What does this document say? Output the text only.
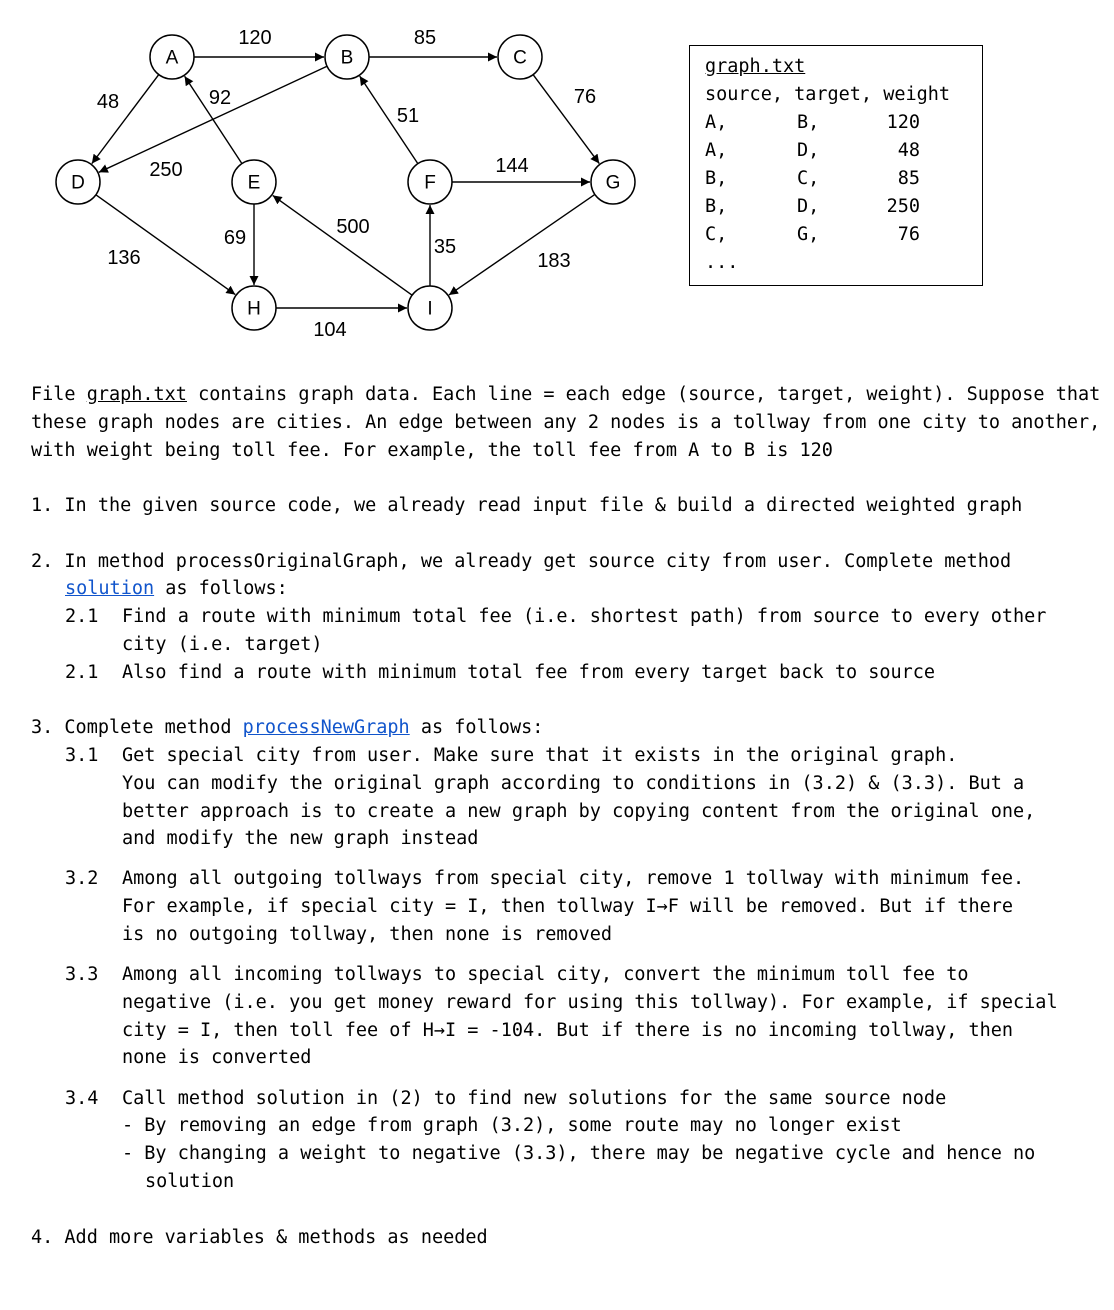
120	85
48	92
51
76
250	144
69	500
35
136	183
104
A	B	C
D	E	F	G
H	I
graph.txt
source, target, weight
A,	B,	120
A,	D,	48
B,	C,	85
B,	D,	250
C,	G,	76
...
File graph.txt contains graph data. Each line = each edge (source, target, weight). Suppose that these graph nodes are cities. An edge between any 2 nodes is a tollway from one city to another, with weight being toll fee. For example, the toll fee from A to B is 120
1. In the given source code, we already read input file & build a directed weighted graph
2. In method processOriginalGraph, we already get source city from user. Complete method
solution as follows:
2.1 Find a route with minimum total fee (i.e. shortest path) from source to every other
city (i.e. target)
2.1 Also find a route with minimum total fee from every target back to source
3. Complete method processNewGraph as follows:
3.1 Get special city from user. Make sure that it exists in the original graph.
You can modify the original graph according to conditions in (3.2) & (3.3). But a
better approach is to create a new graph by copying content from the original one,
and modify the new graph instead
3.2 Among all outgoing tollways from special city, remove 1 tollway with minimum fee.
For example, if special city = I, then tollway I→F will be removed. But if there
is no outgoing tollway, then none is removed
3.3 Among all incoming tollways to special city, convert the minimum toll fee to
negative (i.e. you get money reward for using this tollway). For example, if special
city = I, then toll fee of H→I = -104. But if there is no incoming tollway, then
none is converted
3.4 Call method solution in (2) to find new solutions for the same source node
- By removing an edge from graph (3.2), some route may no longer exist
- By changing a weight to negative (3.3), there may be negative cycle and hence no
solution
4. Add more variables & methods as needed
